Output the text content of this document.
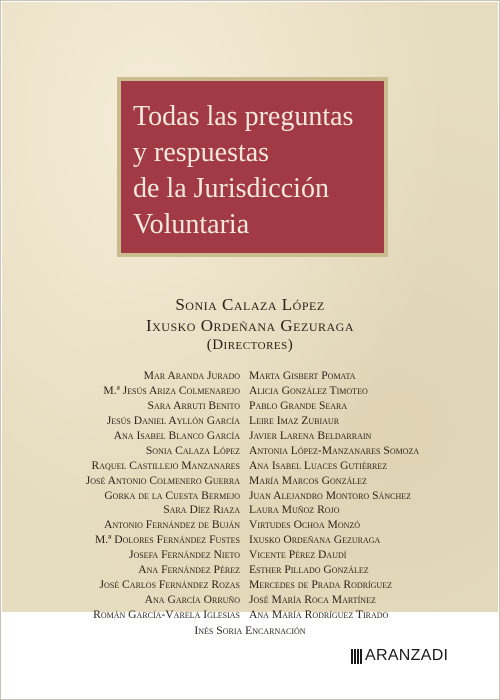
Todas las preguntas
y respuestas
de la Jurisdicción
Voluntaria
Sonia Calaza López
Ixusko Ordeñana Gezuraga
(Directores)
Mar Aranda Jurado Marta Gisbert Pomata
M.ª Jesús Ariza Colmenarejo Alicia González Timoteo
Sara Arruti Benito Pablo Grande Seara
Jesús Daniel Ayllón García Leire Imaz Zubiaur
Ana Isabel Blanco García Javier Larena Beldarrain
Sonia Calaza López Antonia López-Manzanares Somoza
Raquel Castillejo Manzanares Ana Isabel Luaces Gutiérrez
José Antonio Colmenero Guerra María Marcos González
Gorka de la Cuesta Bermejo Juan Alejandro Montoro Sánchez
Sara Díez Riaza Laura Muñoz Rojo
Antonio Fernández de Buján Virtudes Ochoa Monzó
M.ª Dolores Fernández Fustes Ixusko Ordeñana Gezuraga
Josefa Fernández Nieto Vicente Pérez Daudí
Ana Fernández Pérez Esther Pillado González
José Carlos Fernández Rozas Mercedes de Prada Rodríguez
Ana García Orruño José María Roca Martínez
Román García-Varela Iglesias Ana María Rodríguez Tirado
Inés Soria Encarnación
ARANZADI
